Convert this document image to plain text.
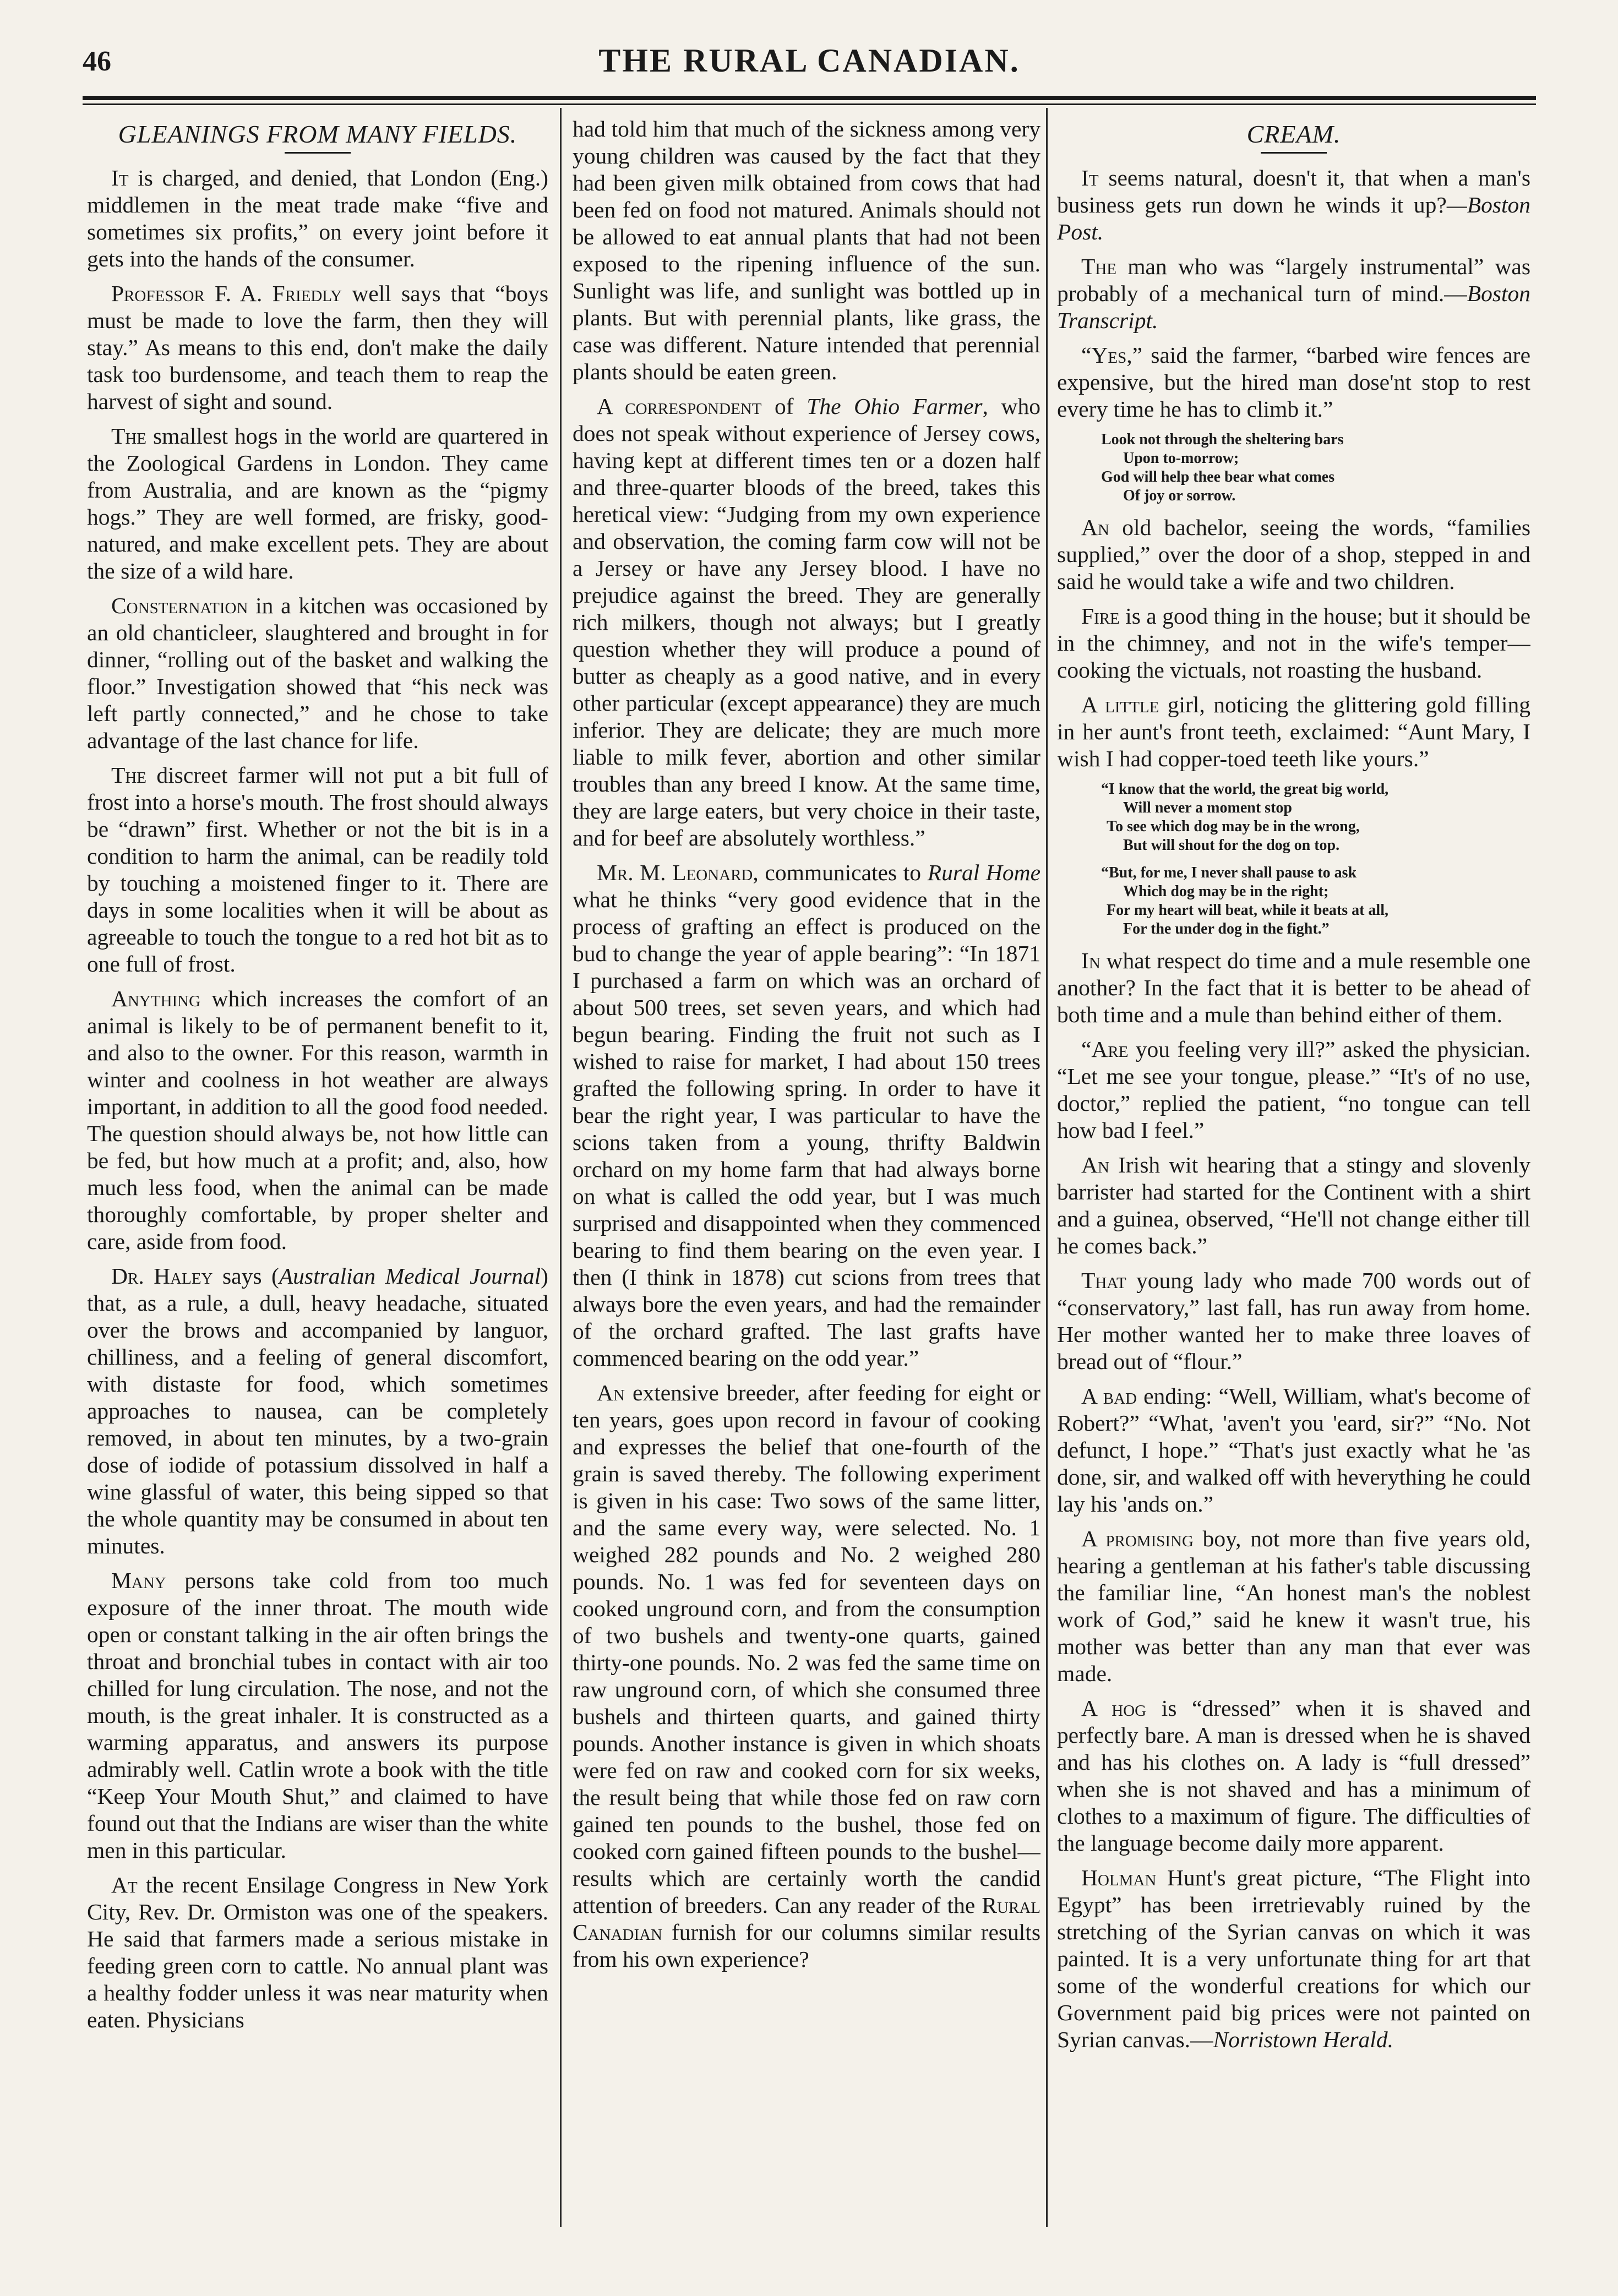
46	THE RURAL CANADIAN.
GLEANINGS FROM MANY FIELDS.

It is charged, and denied, that London (Eng.) middlemen in the meat trade make “five and sometimes six profits,” on every joint before it gets into the hands of the consumer.

Professor F. A. Friedly well says that “boys must be made to love the farm, then they will stay.” As means to this end, don't make the daily task too burdensome, and teach them to reap the harvest of sight and sound.

The smallest hogs in the world are quartered in the Zoological Gardens in London. They came from Australia, and are known as the “pigmy hogs.” They are well formed, are frisky, good-natured, and make excellent pets. They are about the size of a wild hare.

Consternation in a kitchen was occasioned by an old chanticleer, slaughtered and brought in for dinner, “rolling out of the basket and walking the floor.” Investigation showed that “his neck was left partly connected,” and he chose to take advantage of the last chance for life.

The discreet farmer will not put a bit full of frost into a horse's mouth. The frost should always be “drawn” first. Whether or not the bit is in a condition to harm the animal, can be readily told by touching a moistened finger to it. There are days in some localities when it will be about as agreeable to touch the tongue to a red hot bit as to one full of frost.

Anything which increases the comfort of an animal is likely to be of permanent benefit to it, and also to the owner. For this reason, warmth in winter and coolness in hot weather are always important, in addition to all the good food needed. The question should always be, not how little can be fed, but how much at a profit; and, also, how much less food, when the animal can be made thoroughly comfortable, by proper shelter and care, aside from food.

Dr. Haley says (Australian Medical Journal) that, as a rule, a dull, heavy headache, situated over the brows and accompanied by languor, chilliness, and a feeling of general discomfort, with distaste for food, which sometimes approaches to nausea, can be completely removed, in about ten minutes, by a two-grain dose of iodide of potassium dissolved in half a wine glassful of water, this being sipped so that the whole quantity may be consumed in about ten minutes.

Many persons take cold from too much exposure of the inner throat. The mouth wide open or constant talking in the air often brings the throat and bronchial tubes in contact with air too chilled for lung circulation. The nose, and not the mouth, is the great inhaler. It is constructed as a warming apparatus, and answers its purpose admirably well. Catlin wrote a book with the title “Keep Your Mouth Shut,” and claimed to have found out that the Indians are wiser than the white men in this particular.

At the recent Ensilage Congress in New York City, Rev. Dr. Ormiston was one of the speakers. He said that farmers made a serious mistake in feeding green corn to cattle. No annual plant was a healthy fodder unless it was near maturity when eaten. Physicians

had told him that much of the sickness among very young children was caused by the fact that they had been given milk obtained from cows that had been fed on food not matured. Animals should not be allowed to eat annual plants that had not been exposed to the ripening influence of the sun. Sunlight was life, and sunlight was bottled up in plants. But with perennial plants, like grass, the case was different. Nature intended that perennial plants should be eaten green.

A correspondent of The Ohio Farmer, who does not speak without experience of Jersey cows, having kept at different times ten or a dozen half and three-quarter bloods of the breed, takes this heretical view: “Judging from my own experience and observation, the coming farm cow will not be a Jersey or have any Jersey blood. I have no prejudice against the breed. They are generally rich milkers, though not always; but I greatly question whether they will produce a pound of butter as cheaply as a good native, and in every other particular (except appearance) they are much inferior. They are delicate; they are much more liable to milk fever, abortion and other similar troubles than any breed I know. At the same time, they are large eaters, but very choice in their taste, and for beef are absolutely worthless.”

Mr. M. Leonard, communicates to Rural Home what he thinks “very good evidence that in the process of grafting an effect is produced on the bud to change the year of apple bearing”: “In 1871 I purchased a farm on which was an orchard of about 500 trees, set seven years, and which had begun bearing. Finding the fruit not such as I wished to raise for market, I had about 150 trees grafted the following spring. In order to have it bear the right year, I was particular to have the scions taken from a young, thrifty Baldwin orchard on my home farm that had always borne on what is called the odd year, but I was much surprised and disappointed when they commenced bearing to find them bearing on the even year. I then (I think in 1878) cut scions from trees that always bore the even years, and had the remainder of the orchard grafted. The last grafts have commenced bearing on the odd year.”

An extensive breeder, after feeding for eight or ten years, goes upon record in favour of cooking and expresses the belief that one-fourth of the grain is saved thereby. The following experiment is given in his case: Two sows of the same litter, and the same every way, were selected. No. 1 weighed 282 pounds and No. 2 weighed 280 pounds. No. 1 was fed for seventeen days on cooked unground corn, and from the consumption of two bushels and twenty-one quarts, gained thirty-one pounds. No. 2 was fed the same time on raw unground corn, of which she consumed three bushels and thirteen quarts, and gained thirty pounds. Another instance is given in which shoats were fed on raw and cooked corn for six weeks, the result being that while those fed on raw corn gained ten pounds to the bushel, those fed on cooked corn gained fifteen pounds to the bushel—results which are certainly worth the candid attention of breeders. Can any reader of the Rural Canadian furnish for our columns similar results from his own experience?

CREAM.

It seems natural, doesn't it, that when a man's business gets run down he winds it up?—Boston Post.

The man who was “largely instrumental” was probably of a mechanical turn of mind.—Boston Transcript.

“Yes,” said the farmer, “barbed wire fences are expensive, but the hired man dose'nt stop to rest every time he has to climb it.”

Look not through the sheltering bars
Upon to-morrow;
God will help thee bear what comes
Of joy or sorrow.

An old bachelor, seeing the words, “families supplied,” over the door of a shop, stepped in and said he would take a wife and two children.

Fire is a good thing in the house; but it should be in the chimney, and not in the wife's temper—cooking the victuals, not roasting the husband.

A little girl, noticing the glittering gold filling in her aunt's front teeth, exclaimed: “Aunt Mary, I wish I had copper-toed teeth like yours.”

“I know that the world, the great big world,
Will never a moment stop
To see which dog may be in the wrong,
But will shout for the dog on top.
“But, for me, I never shall pause to ask
Which dog may be in the right;
For my heart will beat, while it beats at all,
For the under dog in the fight.”

In what respect do time and a mule resemble one another? In the fact that it is better to be ahead of both time and a mule than behind either of them.

“Are you feeling very ill?” asked the physician. “Let me see your tongue, please.” “It's of no use, doctor,” replied the patient, “no tongue can tell how bad I feel.”

An Irish wit hearing that a stingy and slovenly barrister had started for the Continent with a shirt and a guinea, observed, “He'll not change either till he comes back.”

That young lady who made 700 words out of “conservatory,” last fall, has run away from home. Her mother wanted her to make three loaves of bread out of “flour.”

A bad ending: “Well, William, what's become of Robert?” “What, 'aven't you 'eard, sir?” “No. Not defunct, I hope.” “That's just exactly what he 'as done, sir, and walked off with heverything he could lay his 'ands on.”

A promising boy, not more than five years old, hearing a gentleman at his father's table discussing the familiar line, “An honest man's the noblest work of God,” said he knew it wasn't true, his mother was better than any man that ever was made.

A hog is “dressed” when it is shaved and perfectly bare. A man is dressed when he is shaved and has his clothes on. A lady is “full dressed” when she is not shaved and has a minimum of clothes to a maximum of figure. The difficulties of the language become daily more apparent.

Holman Hunt's great picture, “The Flight into Egypt” has been irretrievably ruined by the stretching of the Syrian canvas on which it was painted. It is a very unfortunate thing for art that some of the wonderful creations for which our Government paid big prices were not painted on Syrian canvas.—Norristown Herald.
